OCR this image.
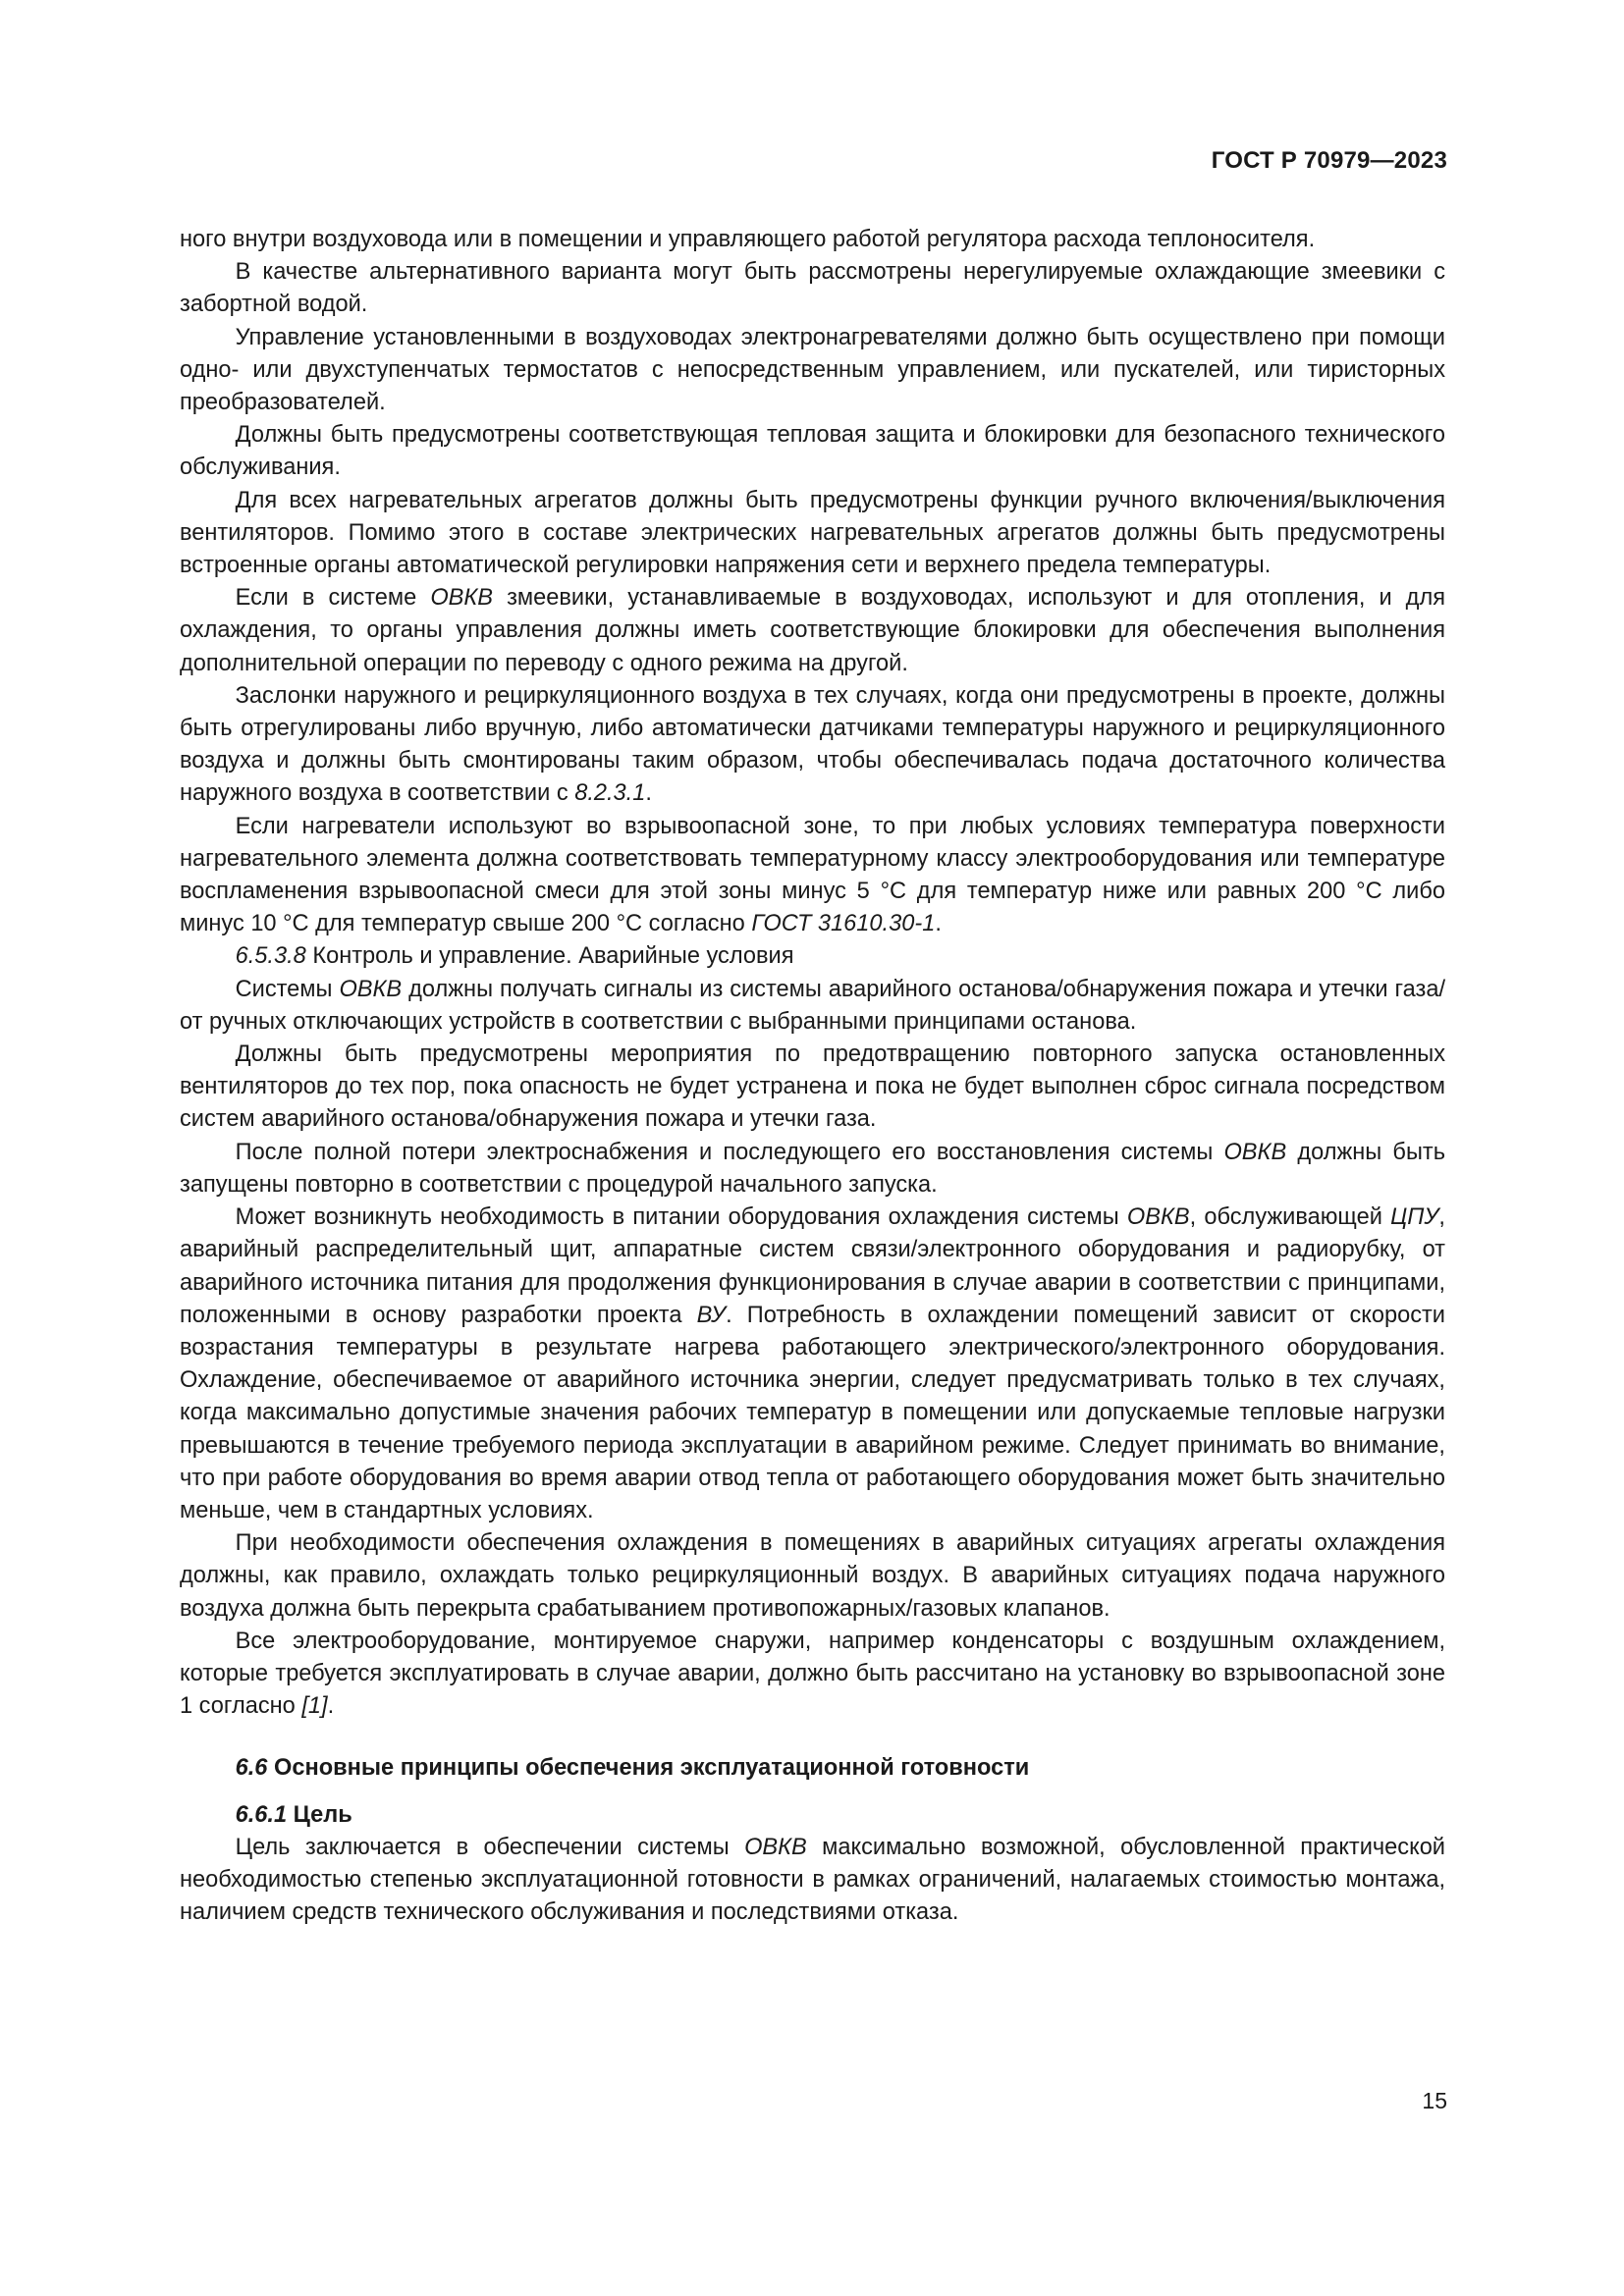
ГОСТ Р 70979—2023

ного внутри воздуховода или в помещении и управляющего работой регулятора расхода теплоносителя.

В качестве альтернативного варианта могут быть рассмотрены нерегулируемые охлаждающие змеевики с забортной водой.

Управление установленными в воздуховодах электронагревателями должно быть осуществлено при помощи одно- или двухступенчатых термостатов с непосредственным управлением, или пускателей, или тиристорных преобразователей.

Должны быть предусмотрены соответствующая тепловая защита и блокировки для безопасного технического обслуживания.

Для всех нагревательных агрегатов должны быть предусмотрены функции ручного включения/выключения вентиляторов. Помимо этого в составе электрических нагревательных агрегатов должны быть предусмотрены встроенные органы автоматической регулировки напряжения сети и верхнего предела температуры.

Если в системе ОВКВ змеевики, устанавливаемые в воздуховодах, используют и для отопления, и для охлаждения, то органы управления должны иметь соответствующие блокировки для обеспечения выполнения дополнительной операции по переводу с одного режима на другой.

Заслонки наружного и рециркуляционного воздуха в тех случаях, когда они предусмотрены в проекте, должны быть отрегулированы либо вручную, либо автоматически датчиками температуры наружного и рециркуляционного воздуха и должны быть смонтированы таким образом, чтобы обеспечивалась подача достаточного количества наружного воздуха в соответствии с 8.2.3.1.

Если нагреватели используют во взрывоопасной зоне, то при любых условиях температура поверхности нагревательного элемента должна соответствовать температурному классу электрооборудования или температуре воспламенения взрывоопасной смеси для этой зоны минус 5 °C для температур ниже или равных 200 °C либо минус 10 °C для температур свыше 200 °C согласно ГОСТ 31610.30-1.

6.5.3.8 Контроль и управление. Аварийные условия

Системы ОВКВ должны получать сигналы из системы аварийного останова/обнаружения пожара и утечки газа/от ручных отключающих устройств в соответствии с выбранными принципами останова.

Должны быть предусмотрены мероприятия по предотвращению повторного запуска остановленных вентиляторов до тех пор, пока опасность не будет устранена и пока не будет выполнен сброс сигнала посредством систем аварийного останова/обнаружения пожара и утечки газа.

После полной потери электроснабжения и последующего его восстановления системы ОВКВ должны быть запущены повторно в соответствии с процедурой начального запуска.

Может возникнуть необходимость в питании оборудования охлаждения системы ОВКВ, обслуживающей ЦПУ, аварийный распределительный щит, аппаратные систем связи/электронного оборудования и радиорубку, от аварийного источника питания для продолжения функционирования в случае аварии в соответствии с принципами, положенными в основу разработки проекта ВУ. Потребность в охлаждении помещений зависит от скорости возрастания температуры в результате нагрева работающего электрического/электронного оборудования. Охлаждение, обеспечиваемое от аварийного источника энергии, следует предусматривать только в тех случаях, когда максимально допустимые значения рабочих температур в помещении или допускаемые тепловые нагрузки превышаются в течение требуемого периода эксплуатации в аварийном режиме. Следует принимать во внимание, что при работе оборудования во время аварии отвод тепла от работающего оборудования может быть значительно меньше, чем в стандартных условиях.

При необходимости обеспечения охлаждения в помещениях в аварийных ситуациях агрегаты охлаждения должны, как правило, охлаждать только рециркуляционный воздух. В аварийных ситуациях подача наружного воздуха должна быть перекрыта срабатыванием противопожарных/газовых клапанов.

Все электрооборудование, монтируемое снаружи, например конденсаторы с воздушным охлаждением, которые требуется эксплуатировать в случае аварии, должно быть рассчитано на установку во взрывоопасной зоне 1 согласно [1].

6.6 Основные принципы обеспечения эксплуатационной готовности

6.6.1 Цель

Цель заключается в обеспечении системы ОВКВ максимально возможной, обусловленной практической необходимостью степенью эксплуатационной готовности в рамках ограничений, налагаемых стоимостью монтажа, наличием средств технического обслуживания и последствиями отказа.

15
